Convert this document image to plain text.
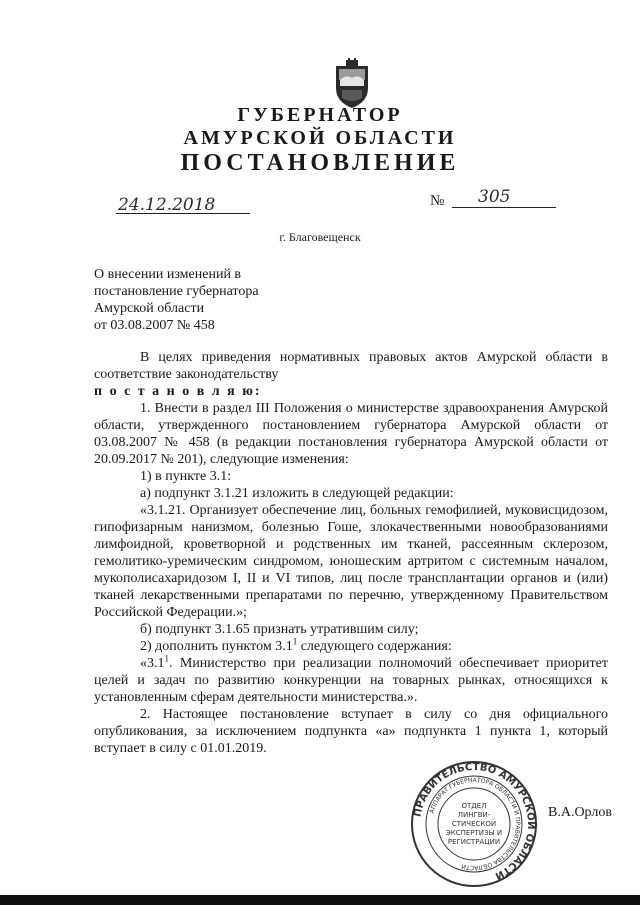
ГУБЕРНАТОР
АМУРСКОЙ ОБЛАСТИ
ПОСТАНОВЛЕНИЕ
24.12.2018	№ 305
г. Благовещенск
О внесении изменений в
постановление губернатора
Амурской области
от 03.08.2007 № 458

В целях приведения нормативных правовых актов Амурской области в соответствие законодательству

п о с т а н о в л я ю:

1. Внести в раздел III Положения о министерстве здравоохранения Амурской области, утвержденного постановлением губернатора Амурской области от 03.08.2007 № 458 (в редакции постановления губернатора Амурской области от 20.09.2017 № 201), следующие изменения:

1) в пункте 3.1:

а) подпункт 3.1.21 изложить в следующей редакции:

«3.1.21. Организует обеспечение лиц, больных гемофилией, муковисцидозом, гипофизарным нанизмом, болезнью Гоше, злокачественными новообразованиями лимфоидной, кроветворной и родственных им тканей, рассеянным склерозом, гемолитико-уремическим синдромом, юношеским артритом с системным началом, мукополисахаридозом I, II и VI типов, лиц после трансплантации органов и (или) тканей лекарственными препаратами по перечню, утвержденному Правительством Российской Федерации.»;

б) подпункт 3.1.65 признать утратившим силу;

2) дополнить пунктом $3.1^1$ следующего содержания:

«$3.1^1$. Министерство при реализации полномочий обеспечивает приоритет целей и задач по развитию конкуренции на товарных рынках, относящихся к установленным сферам деятельности министерства.».

2. Настоящее постановление вступает в силу со дня официального опубликования, за исключением подпункта «а» подпункта 1 пункта 1, который вступает в силу с 01.01.2019.

ПРАВИТЕЛЬСТВО АМУРСКОЙ ОБЛАСТИ
АППАРАТ ГУБЕРНАТОРА ОБЛАСТИ И ПРАВИТЕЛЬСТВА ОБЛАСТИ
ОТДЕЛ
ЛИНГВИ-
СТИЧЕСКОЙ
ЭКСПЕРТИЗЫ И
РЕГИСТРАЦИИ
В.А.Орлов
